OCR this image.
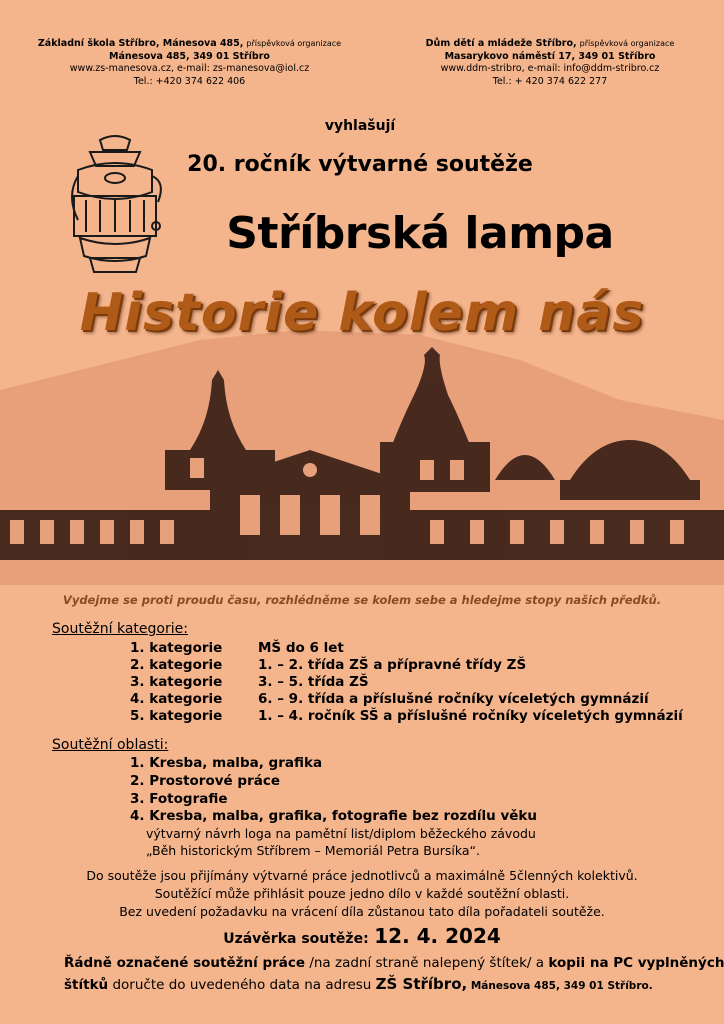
Základní škola Stříbro, Mánesova 485, příspěvková organizace
Mánesova 485, 349 01 Stříbro
www.zs-manesova.cz, e-mail: zs-manesova@iol.cz
Tel.: +420 374 622 406
Dům dětí a mládeže Stříbro, příspěvková organizace
Masarykovo náměstí 17, 349 01 Stříbro
www.ddm-stribro, e-mail: info@ddm-stribro.cz
Tel.: + 420 374 622 277
vyhlašují
20. ročník výtvarné soutěže
Stříbrská lampa
Historie kolem nás
Vydejme se proti proudu času, rozhlédněme se kolem sebe a hledejme stopy našich předků.
Soutěžní kategorie:
1. kategorie	MŠ do 6 let
2. kategorie	1. – 2. třída ZŠ a přípravné třídy ZŠ
3. kategorie	3. – 5. třída ZŠ
4. kategorie	6. – 9. třída a příslušné ročníky víceletých gymnázií
5. kategorie	1. – 4. ročník SŠ a příslušné ročníky víceletých gymnázií
Soutěžní oblasti:
1. Kresba, malba, grafika
2. Prostorové práce
3. Fotografie
4. Kresba, malba, grafika, fotografie bez rozdílu věku
výtvarný návrh loga na pamětní list/diplom běžeckého závodu
„Běh historickým Stříbrem – Memoriál Petra Bursíka“.
Do soutěže jsou přijímány výtvarné práce jednotlivců a maximálně 5členných kolektivů.
Soutěžící může přihlásit pouze jedno dílo v každé soutěžní oblasti.
Bez uvedení požadavku na vrácení díla zůstanou tato díla pořadateli soutěže.
Uzávěrka soutěže: 12. 4. 2024
Řádně označené soutěžní práce /na zadní straně nalepený štítek/ a kopii na PC vyplněných
štítků doručte do uvedeného data na adresu ZŠ Stříbro, Mánesova 485, 349 01 Stříbro.
